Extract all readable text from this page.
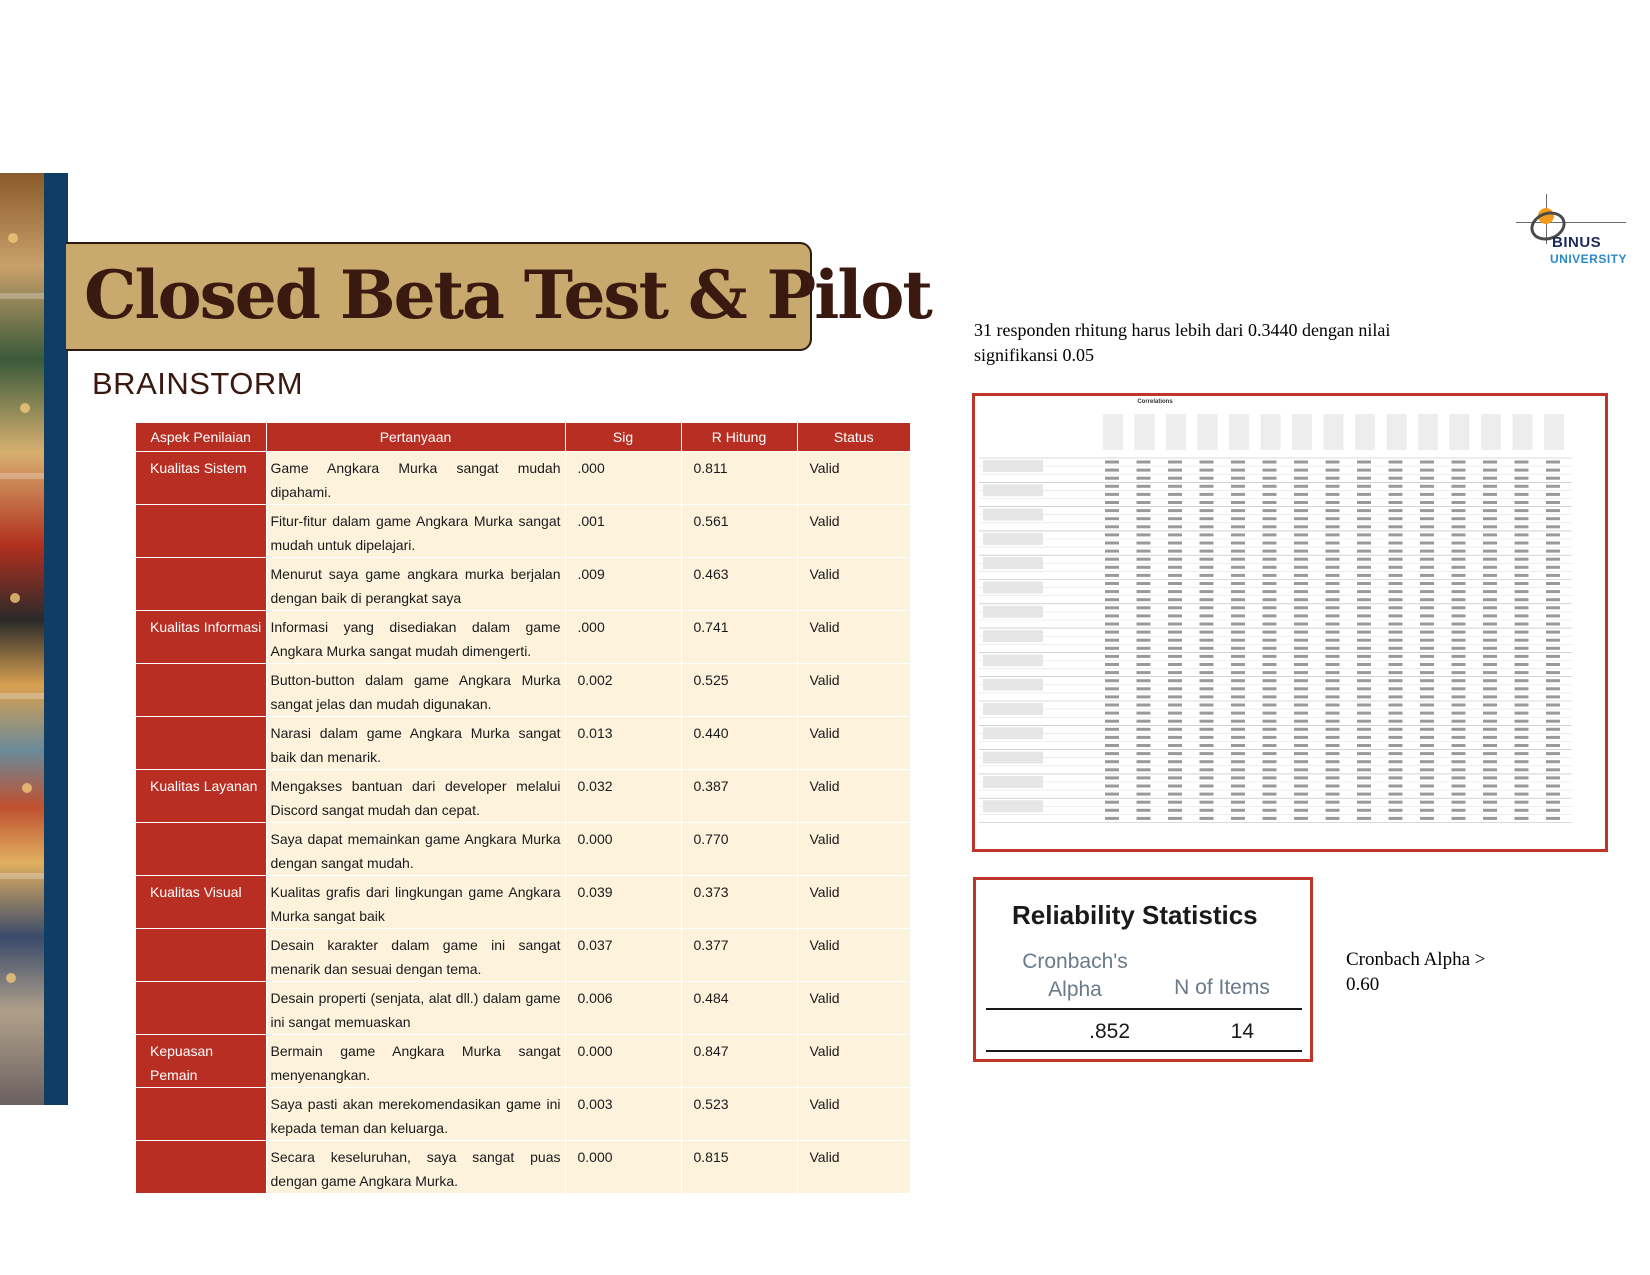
Closed Beta Test & Pilot
BRAINSTORM
BINUS
UNIVERSITY
Aspek Penilaian	Pertanyaan	Sig	R Hitung	Status
Kualitas Sistem	Game Angkara Murka sangat mudah dipahami.	.000	0.811	Valid
	Fitur-fitur dalam game Angkara Murka sangat mudah untuk dipelajari.	.001	0.561	Valid
	Menurut saya game angkara murka berjalan dengan baik di perangkat saya	.009	0.463	Valid
Kualitas Informasi	Informasi yang disediakan dalam game Angkara Murka sangat mudah dimengerti.	.000	0.741	Valid
	Button-button dalam game Angkara Murka sangat jelas dan mudah digunakan.	0.002	0.525	Valid
	Narasi dalam game Angkara Murka sangat baik dan menarik.	0.013	0.440	Valid
Kualitas Layanan	Mengakses bantuan dari developer melalui Discord sangat mudah dan cepat.	0.032	0.387	Valid
	Saya dapat memainkan game Angkara Murka dengan sangat mudah.	0.000	0.770	Valid
Kualitas Visual	Kualitas grafis dari lingkungan game Angkara Murka sangat baik	0.039	0.373	Valid
	Desain karakter dalam game ini sangat menarik dan sesuai dengan tema.	0.037	0.377	Valid
	Desain properti (senjata, alat dll.) dalam game ini sangat memuaskan	0.006	0.484	Valid
Kepuasan Pemain	Bermain game Angkara Murka sangat menyenangkan.	0.000	0.847	Valid
	Saya pasti akan merekomendasikan game ini kepada teman dan keluarga.	0.003	0.523	Valid
	Secara keseluruhan, saya sangat puas dengan game Angkara Murka.	0.000	0.815	Valid
31 responden rhitung harus lebih dari 0.3440 dengan nilai signifikansi 0.05
Correlations
Reliability Statistics
Cronbach's Alpha	N of Items
.852	14
Cronbach Alpha > 0.60
